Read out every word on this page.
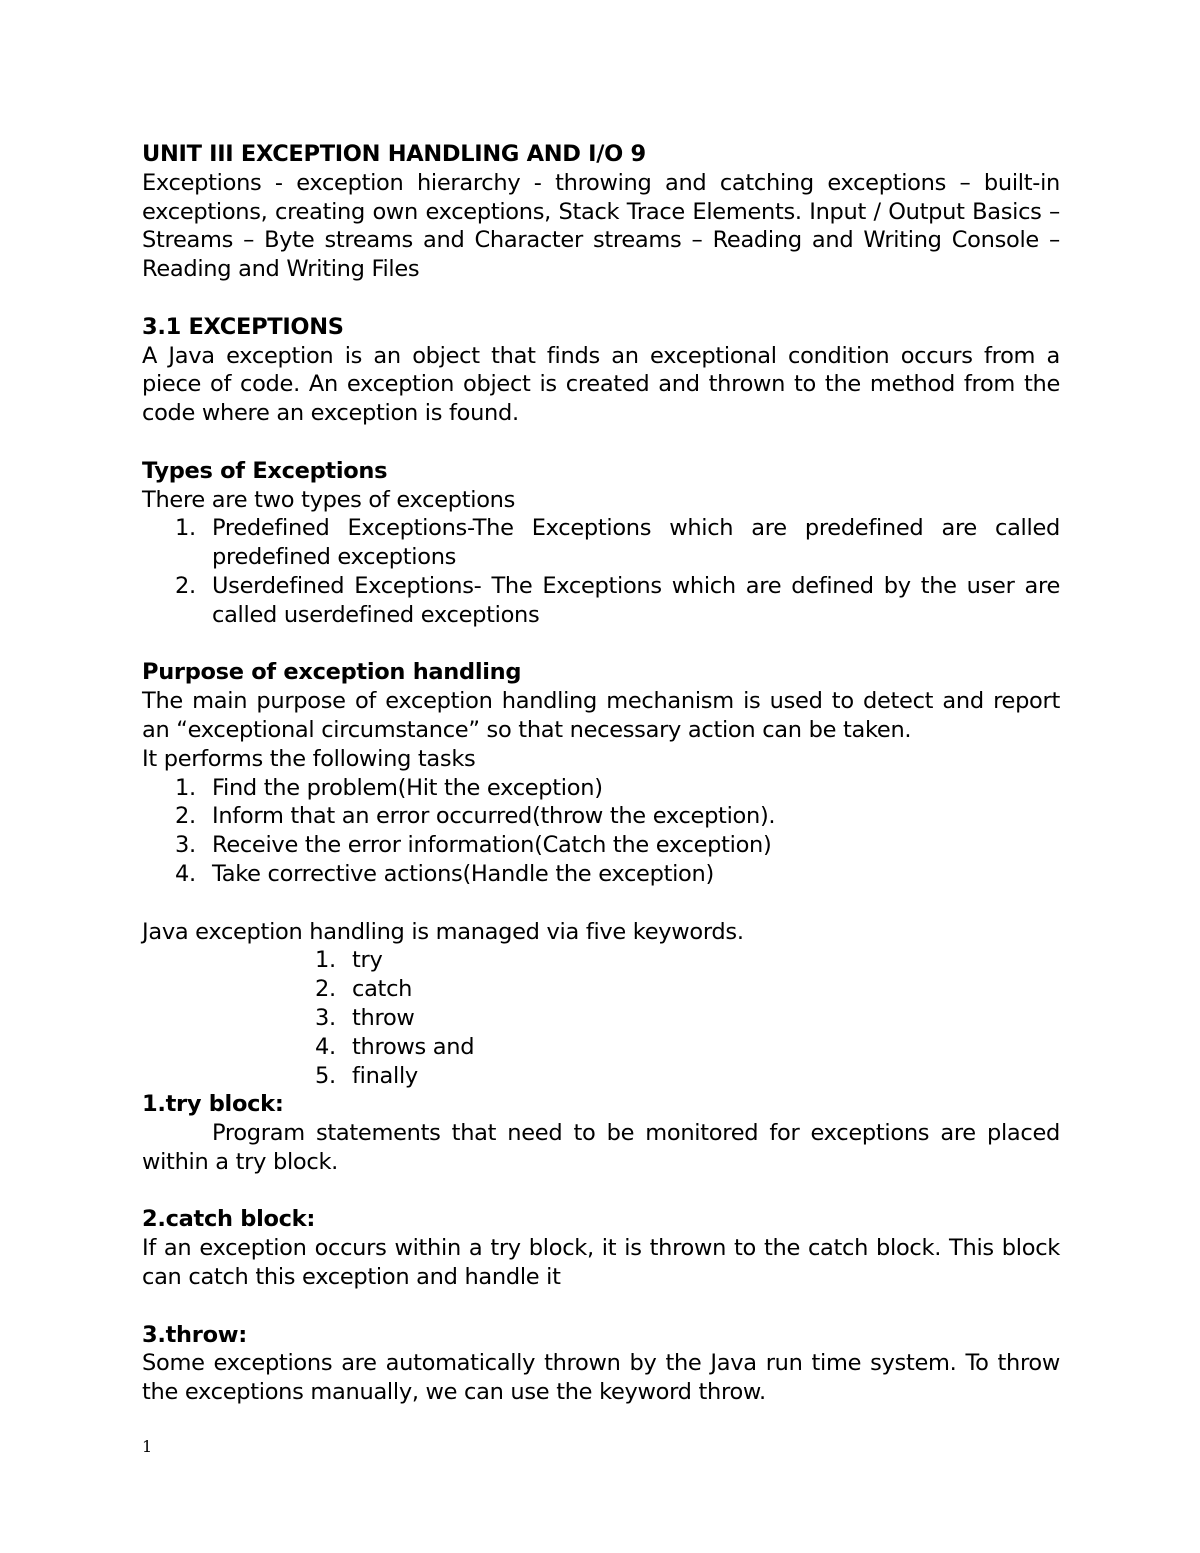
UNIT III EXCEPTION HANDLING AND I/O 9

Exceptions - exception hierarchy - throwing and catching exceptions – built-in exceptions, creating own exceptions, Stack Trace Elements. Input / Output Basics – Streams – Byte streams and Character streams – Reading and Writing Console – Reading and Writing Files

3.1 EXCEPTIONS

A Java exception is an object that finds an exceptional condition occurs from a piece of code. An exception object is created and thrown to the method from the code where an exception is found.

Types of Exceptions

There are two types of exceptions

1. Predefined Exceptions-The Exceptions which are predefined are called predefined exceptions
2. Userdefined Exceptions- The Exceptions which are defined by the user are called userdefined exceptions
Purpose of exception handling

The main purpose of exception handling mechanism is used to detect and report an “exceptional circumstance” so that necessary action can be taken.

It performs the following tasks

1. Find the problem(Hit the exception)
2. Inform that an error occurred(throw the exception).
3. Receive the error information(Catch the exception)
4. Take corrective actions(Handle the exception)

Java exception handling is managed via five keywords.

1. try
2. catch
3. throw
4. throws and
5. finally
1.try block:

Program statements that need to be monitored for exceptions are placed within a try block.

2.catch block:

If an exception occurs within a try block, it is thrown to the catch block. This block can catch this exception and handle it

3.throw:

Some exceptions are automatically thrown by the Java run time system. To throw the exceptions manually, we can use the keyword throw.

1
